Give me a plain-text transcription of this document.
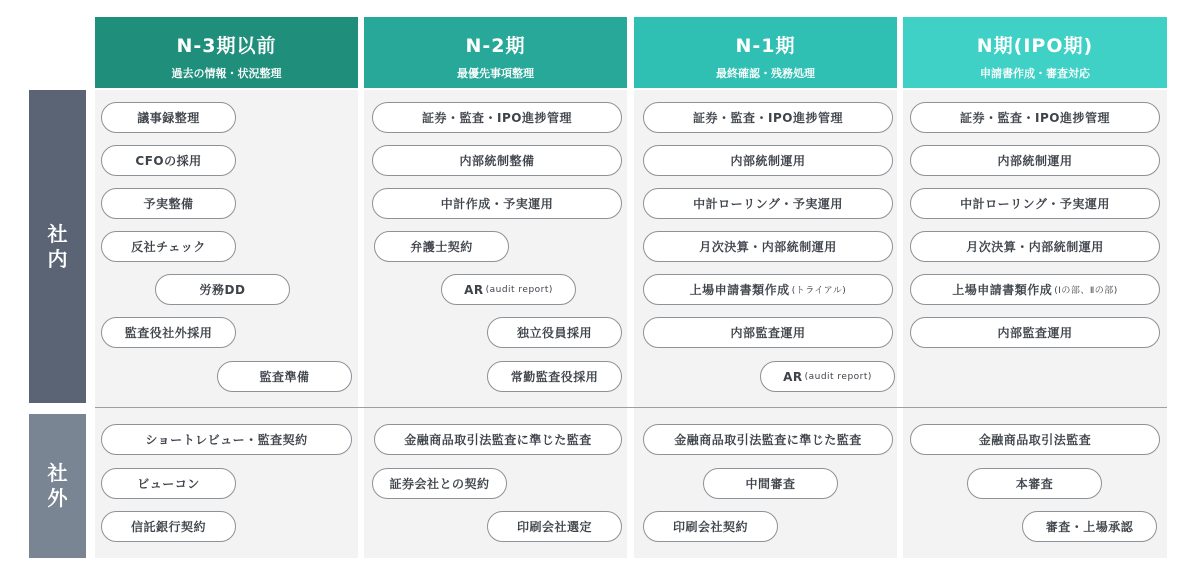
N-3期以前
過去の情報・状況整理
N-2期
最優先事項整理
N-1期
最終確認・残務処理
N期(IPO期)
申請書作成・審査対応
社内
社外
議事録整理
CFOの採用
予実整備
反社チェック
労務DD
監査役社外採用
監査準備
ショートレビュー・監査契約
ビューコン
信託銀行契約
証券・監査・IPO進捗管理
内部統制整備
中計作成・予実運用
弁護士契約
AR (audit report)
独立役員採用
常勤監査役採用
金融商品取引法監査に準じた監査
証券会社との契約
印刷会社選定
証券・監査・IPO進捗管理
内部統制運用
中計ローリング・予実運用
月次決算・内部統制運用
上場申請書類作成 (トライアル)
内部監査運用
AR (audit report)
金融商品取引法監査に準じた監査
中間審査
印刷会社契約
証券・監査・IPO進捗管理
内部統制運用
中計ローリング・予実運用
月次決算・内部統制運用
上場申請書類作成 (Ⅰの部、Ⅱの部)
内部監査運用
金融商品取引法監査
本審査
審査・上場承認
